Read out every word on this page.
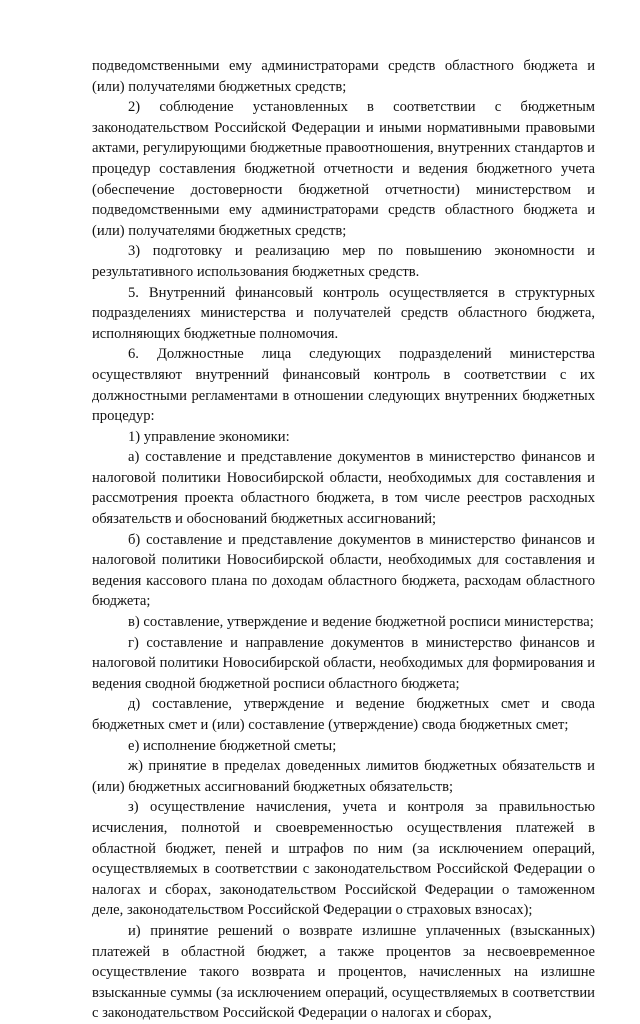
подведомственными ему администраторами средств областного бюджета и (или) получателями бюджетных средств;

2) соблюдение установленных в соответствии с бюджетным законодательством Российской Федерации и иными нормативными правовыми актами, регулирующими бюджетные правоотношения, внутренних стандартов и процедур составления бюджетной отчетности и ведения бюджетного учета (обеспечение достоверности бюджетной отчетности) министерством и подведомственными ему администраторами средств областного бюджета и (или) получателями бюджетных средств;

3) подготовку и реализацию мер по повышению экономности и результативного использования бюджетных средств.

5. Внутренний финансовый контроль осуществляется в структурных подразделениях министерства и получателей средств областного бюджета, исполняющих бюджетные полномочия.

6. Должностные лица следующих подразделений министерства осуществляют внутренний финансовый контроль в соответствии с их должностными регламентами в отношении следующих внутренних бюджетных процедур:

1) управление экономики:

а) составление и представление документов в министерство финансов и налоговой политики Новосибирской области, необходимых для составления и рассмотрения проекта областного бюджета, в том числе реестров расходных обязательств и обоснований бюджетных ассигнований;

б) составление и представление документов в министерство финансов и налоговой политики Новосибирской области, необходимых для составления и ведения кассового плана по доходам областного бюджета, расходам областного бюджета;

в) составление, утверждение и ведение бюджетной росписи министерства;

г) составление и направление документов в министерство финансов и налоговой политики Новосибирской области, необходимых для формирования и ведения сводной бюджетной росписи областного бюджета;

д) составление, утверждение и ведение бюджетных смет и свода бюджетных смет и (или) составление (утверждение) свода бюджетных смет;

е) исполнение бюджетной сметы;

ж) принятие в пределах доведенных лимитов бюджетных обязательств и (или) бюджетных ассигнований бюджетных обязательств;

з) осуществление начисления, учета и контроля за правильностью исчисления, полнотой и своевременностью осуществления платежей в областной бюджет, пеней и штрафов по ним (за исключением операций, осуществляемых в соответствии с законодательством Российской Федерации о налогах и сборах, законодательством Российской Федерации о таможенном деле, законодательством Российской Федерации о страховых взносах);

и) принятие решений о возврате излишне уплаченных (взысканных) платежей в областной бюджет, а также процентов за несвоевременное осуществление такого возврата и процентов, начисленных на излишне взысканные суммы (за исключением операций, осуществляемых в соответствии с законодательством Российской Федерации о налогах и сборах,
